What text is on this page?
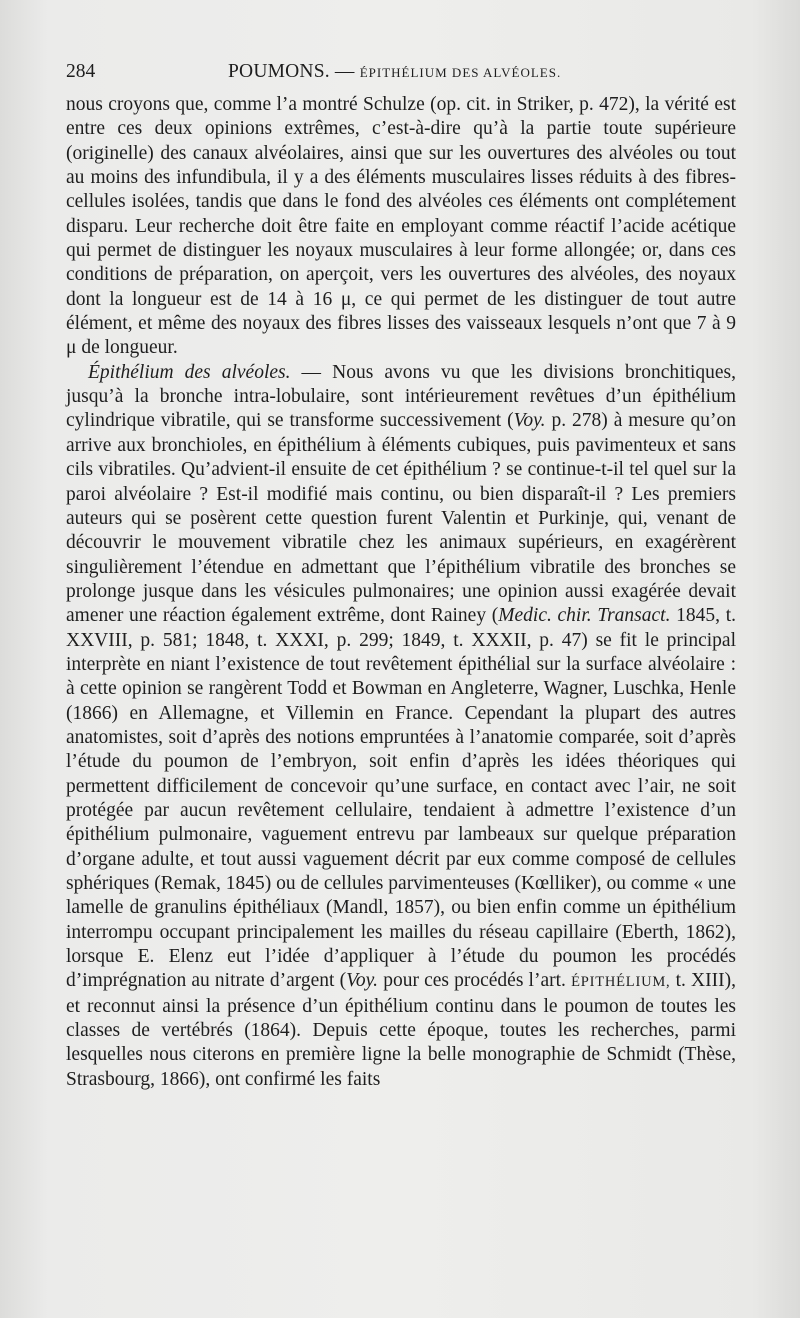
284	POUMONS. — ÉPITHÉLIUM DES ALVÉOLES.

nous croyons que, comme l’a montré Schulze (op. cit. in Striker, p. 472), la vérité est entre ces deux opinions extrêmes, c’est-à-dire qu’à la partie toute supérieure (originelle) des canaux alvéolaires, ainsi que sur les ouvertures des alvéoles ou tout au moins des infundibula, il y a des éléments musculaires lisses réduits à des fibres-cellules isolées, tandis que dans le fond des alvéoles ces éléments ont complétement disparu. Leur recherche doit être faite en employant comme réactif l’acide acétique qui permet de distinguer les noyaux musculaires à leur forme allongée; or, dans ces conditions de préparation, on aperçoit, vers les ouvertures des alvéoles, des noyaux dont la longueur est de 14 à 16 μ, ce qui permet de les distinguer de tout autre élément, et même des noyaux des fibres lisses des vaisseaux lesquels n’ont que 7 à 9 μ de longueur.

Épithélium des alvéoles. — Nous avons vu que les divisions bronchitiques, jusqu’à la bronche intra-lobulaire, sont intérieurement revêtues d’un épithélium cylindrique vibratile, qui se transforme successivement (Voy. p. 278) à mesure qu’on arrive aux bronchioles, en épithélium à éléments cubiques, puis pavimenteux et sans cils vibratiles. Qu’advient-il ensuite de cet épithélium ? se continue-t-il tel quel sur la paroi alvéolaire ? Est-il modifié mais continu, ou bien disparaît-il ? Les premiers auteurs qui se posèrent cette question furent Valentin et Purkinje, qui, venant de découvrir le mouvement vibratile chez les animaux supérieurs, en exagérèrent singulièrement l’étendue en admettant que l’épithélium vibratile des bronches se prolonge jusque dans les vésicules pulmonaires; une opinion aussi exagérée devait amener une réaction également extrême, dont Rainey (Medic. chir. Transact. 1845, t. XXVIII, p. 581; 1848, t. XXXI, p. 299; 1849, t. XXXII, p. 47) se fit le principal interprète en niant l’existence de tout revêtement épithélial sur la surface alvéolaire : à cette opinion se rangèrent Todd et Bowman en Angleterre, Wagner, Luschka, Henle (1866) en Allemagne, et Villemin en France. Cependant la plupart des autres anatomistes, soit d’après des notions empruntées à l’anatomie comparée, soit d’après l’étude du poumon de l’embryon, soit enfin d’après les idées théoriques qui permettent difficilement de concevoir qu’une surface, en contact avec l’air, ne soit protégée par aucun revêtement cellulaire, tendaient à admettre l’existence d’un épithélium pulmonaire, vaguement entrevu par lambeaux sur quelque préparation d’organe adulte, et tout aussi vaguement décrit par eux comme composé de cellules sphériques (Remak, 1845) ou de cellules parvimenteuses (Kœlliker), ou comme « une lamelle de granulins épithéliaux (Mandl, 1857), ou bien enfin comme un épithélium interrompu occupant principalement les mailles du réseau capillaire (Eberth, 1862), lorsque E. Elenz eut l’idée d’appliquer à l’étude du poumon les procédés d’imprégnation au nitrate d’argent (Voy. pour ces procédés l’art. ÉPITHÉLIUM, t. XIII), et reconnut ainsi la présence d’un épithélium continu dans le poumon de toutes les classes de vertébrés (1864). Depuis cette époque, toutes les recherches, parmi lesquelles nous citerons en première ligne la belle monographie de Schmidt (Thèse, Strasbourg, 1866), ont confirmé les faits
